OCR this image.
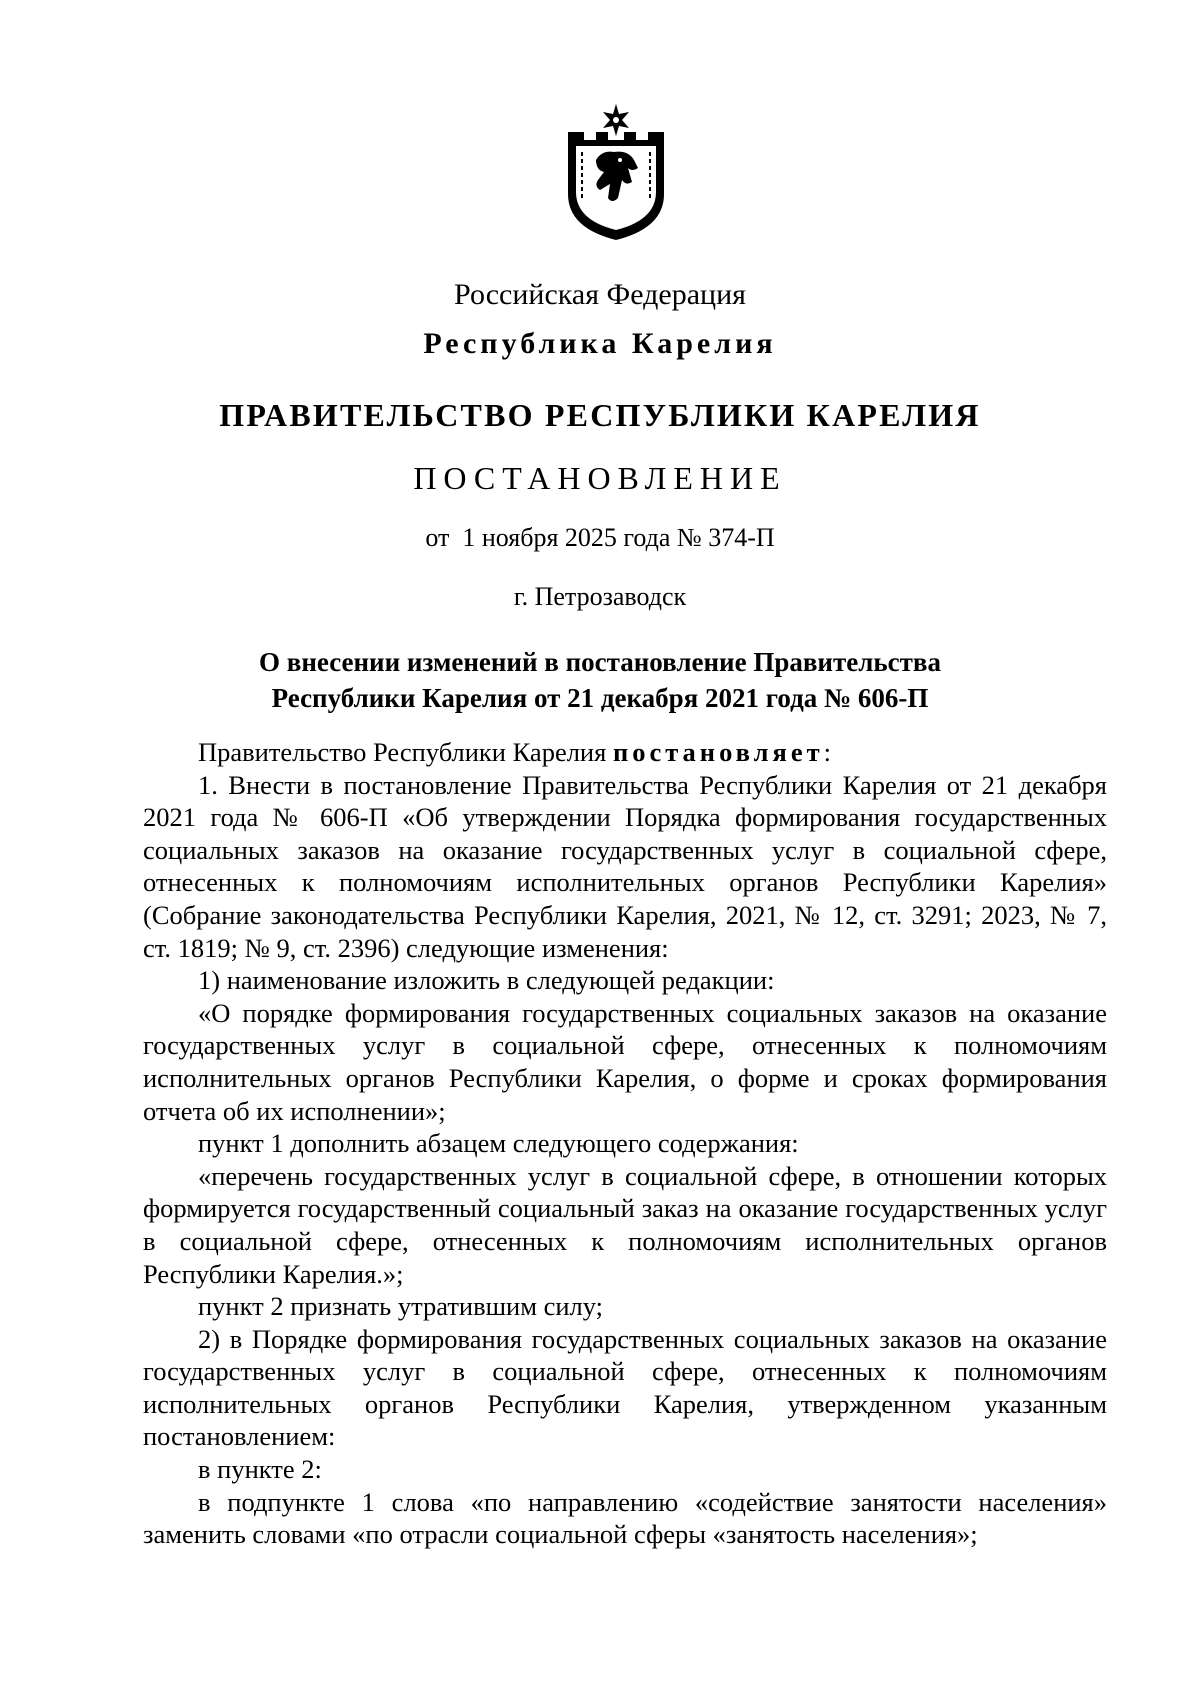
Российская Федерация
Республика Карелия
ПРАВИТЕЛЬСТВО РЕСПУБЛИКИ КАРЕЛИЯ
ПОСТАНОВЛЕНИЕ
от  1 ноября 2025 года № 374-П
г. Петрозаводск
О внесении изменений в постановление Правительства
Республики Карелия от 21 декабря 2021 года № 606-П

Правительство Республики Карелия постановляет:

1. Внести в постановление Правительства Республики Карелия от 21 декабря 2021 года № 606-П «Об утверждении Порядка формирования государственных социальных заказов на оказание государственных услуг в социальной сфере, отнесенных к полномочиям исполнительных органов Республики Карелия» (Собрание законодательства Республики Карелия, 2021, № 12, ст. 3291; 2023, № 7, ст. 1819; № 9, ст. 2396) следующие изменения:

1) наименование изложить в следующей редакции:

«О порядке формирования государственных социальных заказов на оказание государственных услуг в социальной сфере, отнесенных к полномочиям исполнительных органов Республики Карелия, о форме и сроках формирования отчета об их исполнении»;

пункт 1 дополнить абзацем следующего содержания:

«перечень государственных услуг в социальной сфере, в отношении которых формируется государственный социальный заказ на оказание государственных услуг в социальной сфере, отнесенных к полномочиям исполнительных органов Республики Карелия.»;

пункт 2 признать утратившим силу;

2) в Порядке формирования государственных социальных заказов на оказание государственных услуг в социальной сфере, отнесенных к полномочиям исполнительных органов Республики Карелия, утвержденном указанным постановлением:

в пункте 2:

в подпункте 1 слова «по направлению «содействие занятости населения» заменить словами «по отрасли социальной сферы «занятость населения»;
